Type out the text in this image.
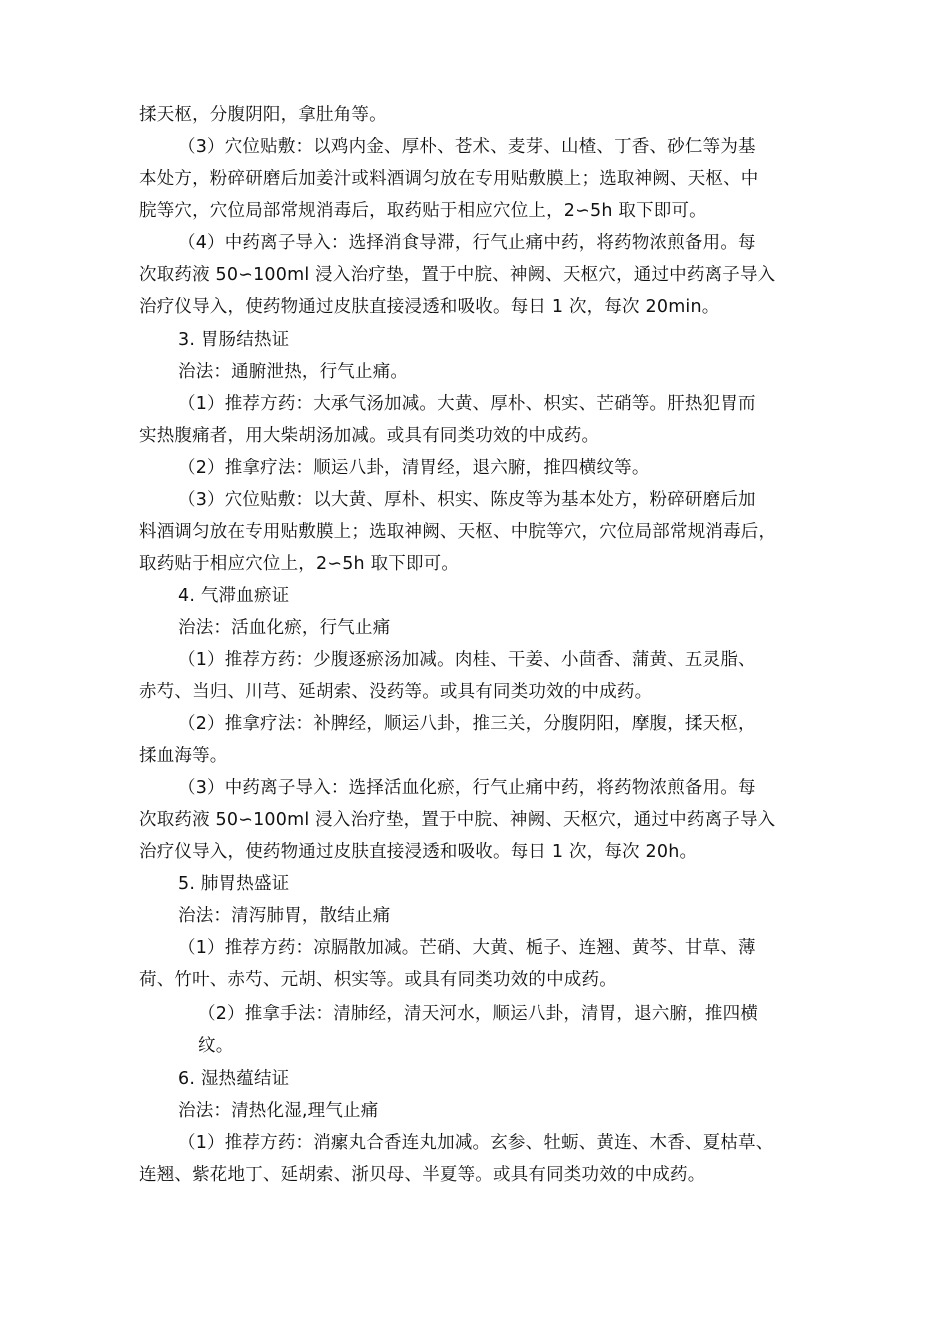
揉天枢，分腹阴阳，拿肚角等。
（3）穴位贴敷：以鸡内金、厚朴、苍术、麦芽、山楂、丁香、砂仁等为基
本处方，粉碎研磨后加姜汁或料酒调匀放在专用贴敷膜上；选取神阙、天枢、中
脘等穴，穴位局部常规消毒后，取药贴于相应穴位上，2∽5h 取下即可。
（4）中药离子导入：选择消食导滞，行气止痛中药，将药物浓煎备用。每
次取药液 50∽100ml 浸入治疗垫，置于中脘、神阙、天枢穴，通过中药离子导入
治疗仪导入，使药物通过皮肤直接浸透和吸收。每日 1 次，每次 20min。
3. 胃肠结热证
治法：通腑泄热，行气止痛。
（1）推荐方药：大承气汤加减。大黄、厚朴、枳实、芒硝等。肝热犯胃而
实热腹痛者，用大柴胡汤加减。或具有同类功效的中成药。
（2）推拿疗法：顺运八卦，清胃经，退六腑，推四横纹等。
（3）穴位贴敷：以大黄、厚朴、枳实、陈皮等为基本处方，粉碎研磨后加
料酒调匀放在专用贴敷膜上；选取神阙、天枢、中脘等穴，穴位局部常规消毒后，
取药贴于相应穴位上，2∽5h 取下即可。
4. 气滞血瘀证
治法：活血化瘀，行气止痛
（1）推荐方药：少腹逐瘀汤加减。肉桂、干姜、小茴香、蒲黄、五灵脂、
赤芍、当归、川芎、延胡索、没药等。或具有同类功效的中成药。
（2）推拿疗法：补脾经，顺运八卦，推三关，分腹阴阳，摩腹，揉天枢，
揉血海等。
（3）中药离子导入：选择活血化瘀，行气止痛中药，将药物浓煎备用。每
次取药液 50∽100ml 浸入治疗垫，置于中脘、神阙、天枢穴，通过中药离子导入
治疗仪导入，使药物通过皮肤直接浸透和吸收。每日 1 次，每次 20h。
5. 肺胃热盛证
治法：清泻肺胃，散结止痛
（1）推荐方药：凉膈散加减。芒硝、大黄、栀子、连翘、黄芩、甘草、薄
荷、竹叶、赤芍、元胡、枳实等。或具有同类功效的中成药。
（2）推拿手法：清肺经，清天河水，顺运八卦，清胃，退六腑，推四横
纹。
6. 湿热蕴结证
治法：清热化湿,理气止痛
（1）推荐方药：消瘰丸合香连丸加减。玄参、牡蛎、黄连、木香、夏枯草、
连翘、紫花地丁、延胡索、浙贝母、半夏等。或具有同类功效的中成药。
